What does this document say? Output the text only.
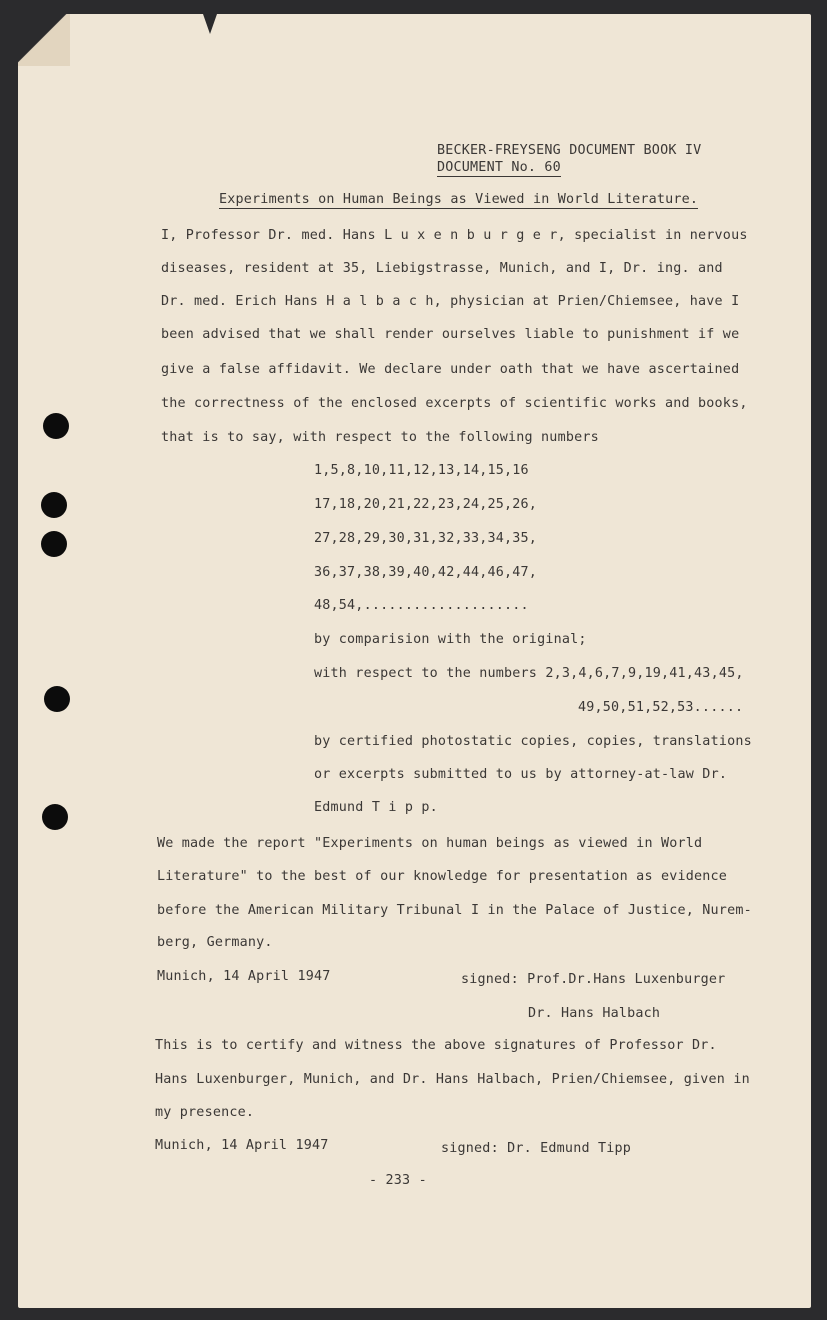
BECKER-FREYSENG DOCUMENT BOOK IV
DOCUMENT No. 60
Experiments on Human Beings as Viewed in World Literature.
I, Professor Dr. med. Hans L u x e n b u r g e r, specialist in nervous
diseases, resident at 35, Liebigstrasse, Munich, and I, Dr. ing. and
Dr. med. Erich Hans H a l b a c h, physician at Prien/Chiemsee, have I
been advised that we shall render ourselves liable to punishment if we
give a false affidavit. We declare under oath that we have ascertained
the correctness of the enclosed excerpts of scientific works and books,
that is to say, with respect to the following numbers
1,5,8,10,11,12,13,14,15,16
17,18,20,21,22,23,24,25,26,
27,28,29,30,31,32,33,34,35,
36,37,38,39,40,42,44,46,47,
48,54,....................
by comparision with the original;
with respect to the numbers 2,3,4,6,7,9,19,41,43,45,
49,50,51,52,53......
by certified photostatic copies, copies, translations
or excerpts submitted to us by attorney-at-law Dr.
Edmund T i p p.
We made the report "Experiments on human beings as viewed in World
Literature" to the best of our knowledge for presentation as evidence
before the American Military Tribunal I in the Palace of Justice, Nurem-
berg, Germany.
Munich, 14 April 1947	signed: Prof.Dr.Hans Luxenburger
Dr. Hans Halbach
This is to certify and witness the above signatures of Professor Dr.
Hans Luxenburger, Munich, and Dr. Hans Halbach, Prien/Chiemsee, given in
my presence.
Munich, 14 April 1947	signed: Dr. Edmund Tipp
- 233 -
